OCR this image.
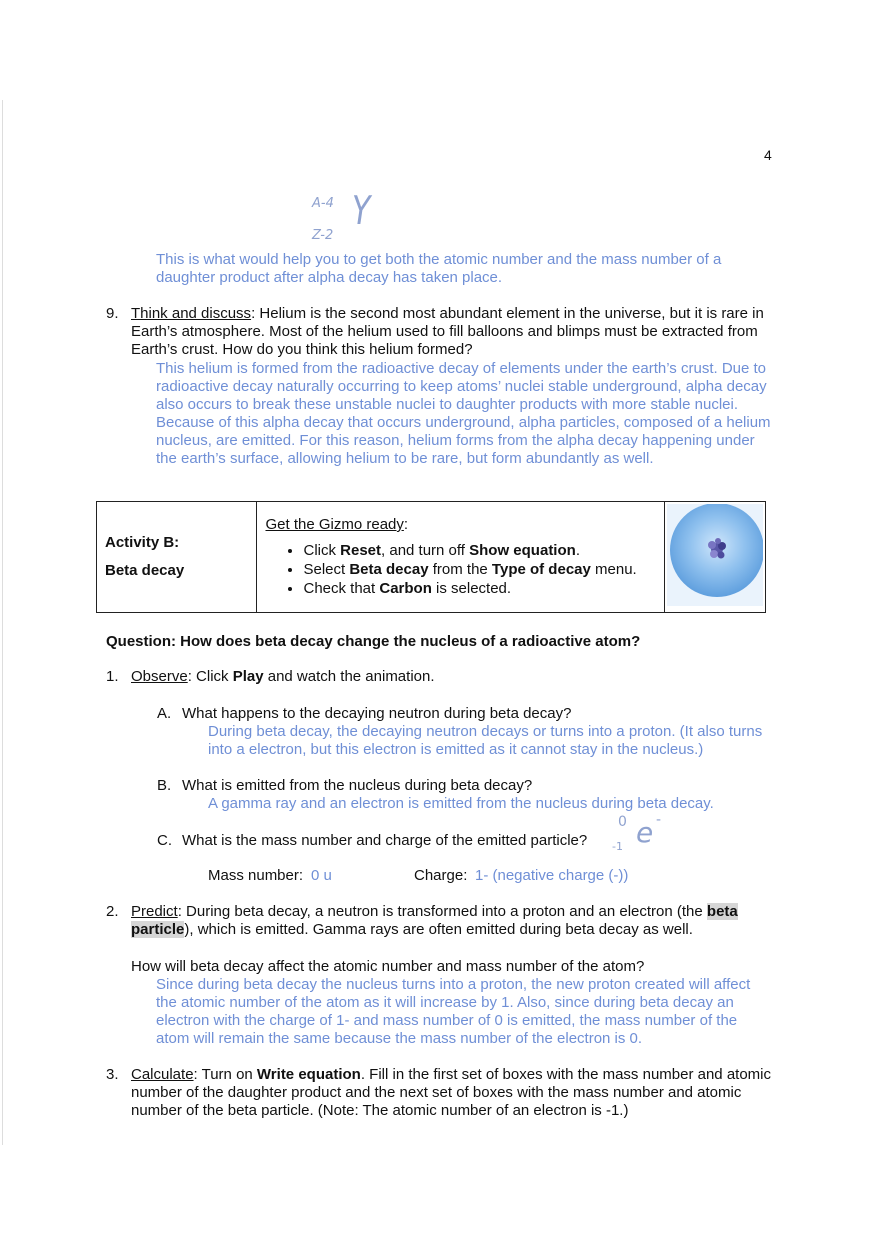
4
A-4
Z-2
Y
This is what would help you to get both the atomic number and the mass number of a daughter product after alpha decay has taken place.
9. Think and discuss: Helium is the second most abundant element in the universe, but it is rare in Earth’s atmosphere. Most of the helium used to fill balloons and blimps must be extracted from Earth’s crust. How do you think this helium formed?
This helium is formed from the radioactive decay of elements under the earth’s crust. Due to radioactive decay naturally occurring to keep atoms’ nuclei stable underground, alpha decay also occurs to break these unstable nuclei to daughter products with more stable nuclei. Because of this alpha decay that occurs underground, alpha particles, composed of a helium nucleus, are emitted. For this reason, helium forms from the alpha decay happening under the earth’s surface, allowing helium to be rare, but form abundantly as well.
Activity B:
Beta decay

Get the Gizmo ready:
• Click Reset, and turn off Show equation.
• Select Beta decay from the Type of decay menu.
• Check that Carbon is selected.

Question: How does beta decay change the nucleus of a radioactive atom?
1. Observe: Click Play and watch the animation.
A. What happens to the decaying neutron during beta decay?
During beta decay, the decaying neutron decays or turns into a proton. (It also turns into a electron, but this electron is emitted as it cannot stay in the nucleus.)
B. What is emitted from the nucleus during beta decay?
A gamma ray and an electron is emitted from the nucleus during beta decay.
C. What is the mass number and charge of the emitted particle?
0
-1 e -
Mass number: 0 u	Charge: 1- (negative charge (-))
2. Predict: During beta decay, a neutron is transformed into a proton and an electron (the beta particle), which is emitted. Gamma rays are often emitted during beta decay as well.
How will beta decay affect the atomic number and mass number of the atom?
Since during beta decay the nucleus turns into a proton, the new proton created will affect the atomic number of the atom as it will increase by 1. Also, since during beta decay an electron with the charge of 1- and mass number of 0 is emitted, the mass number of the atom will remain the same because the mass number of the electron is 0.
3. Calculate: Turn on Write equation. Fill in the first set of boxes with the mass number and atomic number of the daughter product and the next set of boxes with the mass number and atomic number of the beta particle. (Note: The atomic number of an electron is -1.)
